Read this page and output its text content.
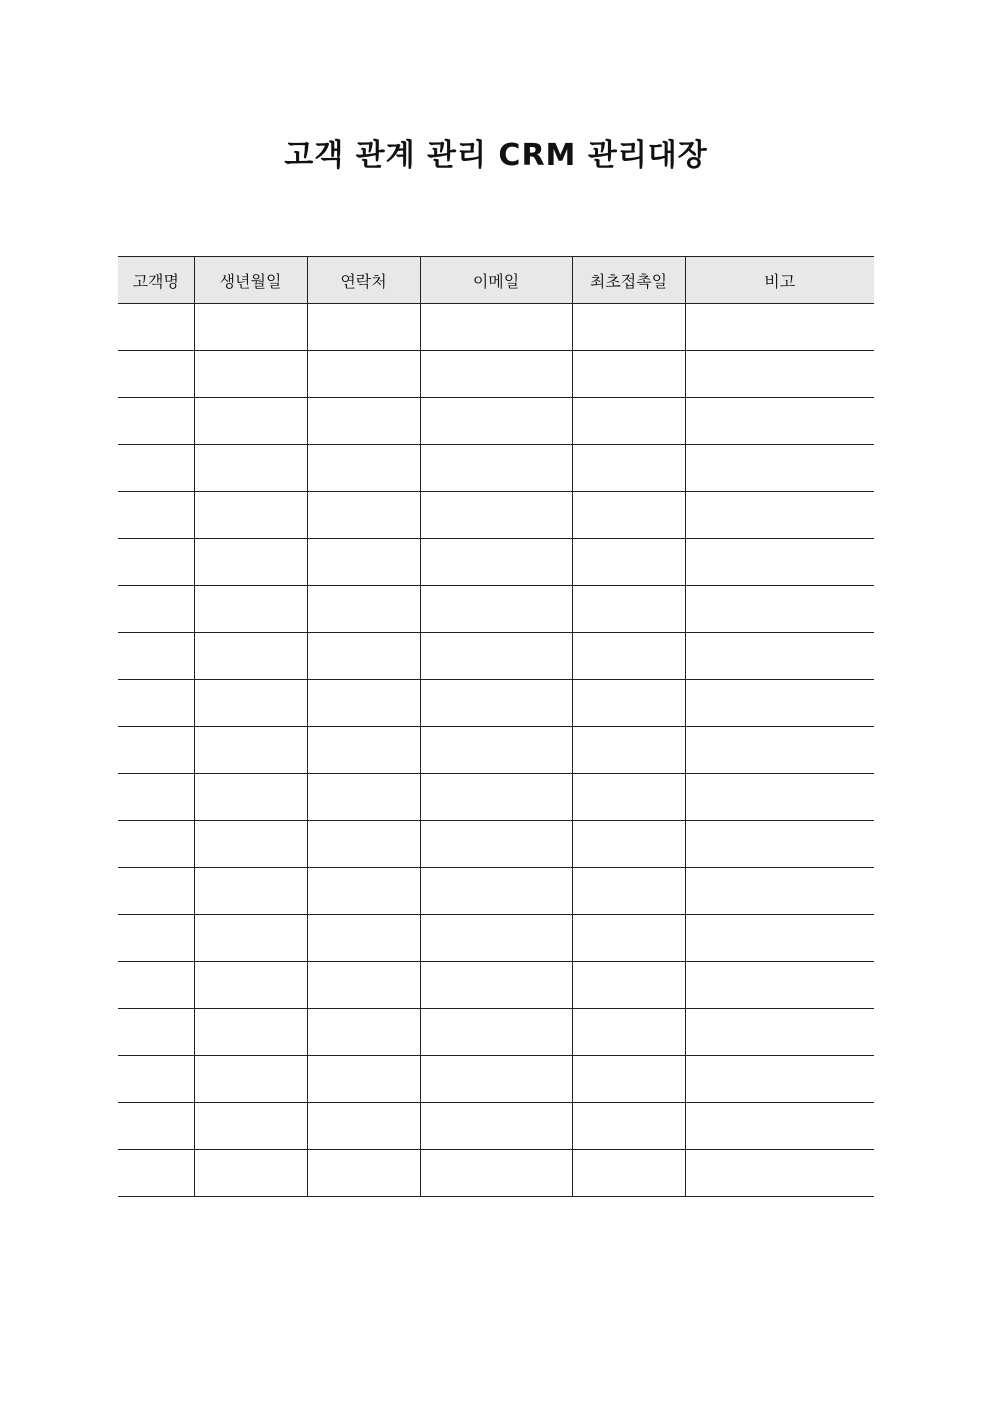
고객 관계 관리 CRM 관리대장
고객명	생년월일	연락처	이메일	최초접촉일	비고
